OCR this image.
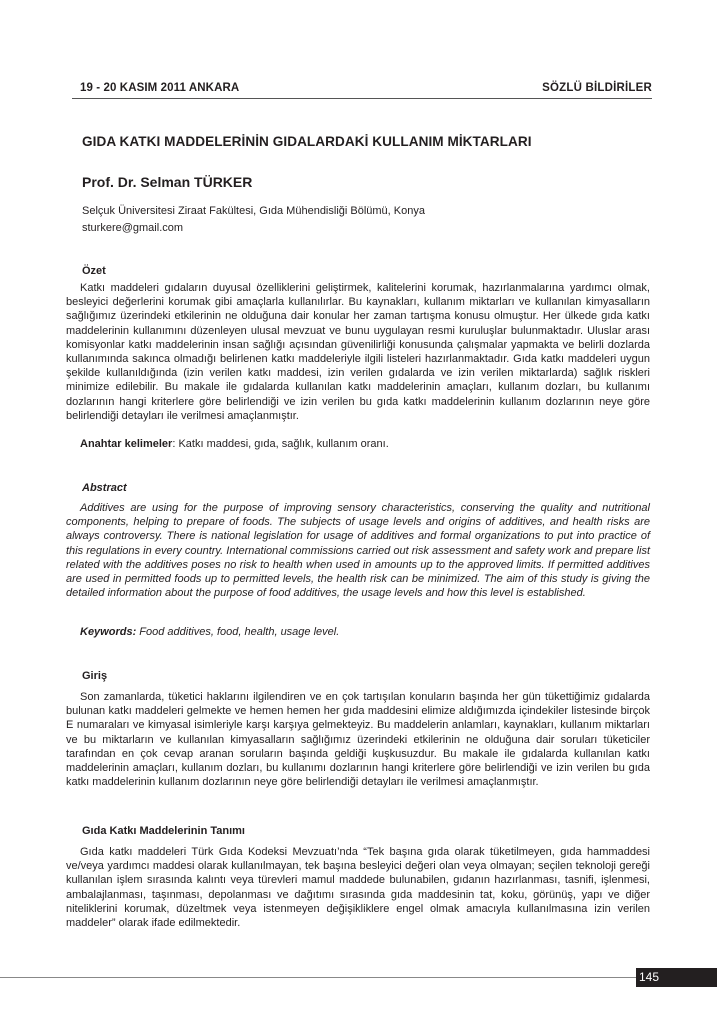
19 - 20 KASIM 2011 ANKARA	SÖZLÜ BİLDİRİLER
GIDA KATKI MADDELERİNİN GIDALARDAKİ KULLANIM MİKTARLARI
Prof. Dr. Selman TÜRKER
Selçuk Üniversitesi Ziraat Fakültesi, Gıda Mühendisliği Bölümü, Konya
sturkere@gmail.com
Özet
Katkı maddeleri gıdaların duyusal özelliklerini geliştirmek, kalitelerini korumak, hazırlanmalarına yardımcı olmak, besleyici değerlerini korumak gibi amaçlarla kullanılırlar. Bu kaynakları, kullanım miktarları ve kullanılan kimyasalların sağlığımız üzerindeki etkilerinin ne olduğuna dair konular her zaman tartışma konusu olmuştur. Her ülkede gıda katkı maddelerinin kullanımını düzenleyen ulusal mevzuat ve bunu uygulayan resmi kuruluşlar bulunmaktadır. Uluslar arası komisyonlar katkı maddelerinin insan sağlığı açısından güvenilirliği konusunda çalışmalar yapmakta ve belirli dozlarda kullanımında sakınca olmadığı belirlenen katkı maddeleriyle ilgili listeleri hazırlanmaktadır. Gıda katkı maddeleri uygun şekilde kullanıldığında (izin verilen katkı maddesi, izin verilen gıdalarda ve izin verilen miktarlarda) sağlık riskleri minimize edilebilir. Bu makale ile gıdalarda kullanılan katkı maddelerinin amaçları, kullanım dozları, bu kullanımı dozlarının hangi kriterlere göre belirlendiği ve izin verilen bu gıda katkı maddelerinin kullanım dozlarının neye göre belirlendiği detayları ile verilmesi amaçlanmıştır.
Anahtar kelimeler: Katkı maddesi, gıda, sağlık, kullanım oranı.
Abstract
Additives are using for the purpose of improving sensory characteristics, conserving the quality and nutritional components, helping to prepare of foods. The subjects of usage levels and origins of additives, and health risks are always controversy. There is national legislation for usage of additives and formal organizations to put into practice of this regulations in every country. International commissions carried out risk assessment and safety work and prepare list related with the additives poses no risk to health when used in amounts up to the approved limits. If permitted additives are used in permitted foods up to permitted levels, the health risk can be minimized. The aim of this study is giving the detailed information about the purpose of food additives, the usage levels and how this level is established.
Keywords: Food additives, food, health, usage level.
Giriş
Son zamanlarda, tüketici haklarını ilgilendiren ve en çok tartışılan konuların başında her gün tükettiğimiz gıdalarda bulunan katkı maddeleri gelmekte ve hemen hemen her gıda maddesini elimize aldığımızda içindekiler listesinde birçok E numaraları ve kimyasal isimleriyle karşı karşıya gelmekteyiz. Bu maddelerin anlamları, kaynakları, kullanım miktarları ve bu miktarların ve kullanılan kimyasalların sağlığımız üzerindeki etkilerinin ne olduğuna dair soruları tüketiciler tarafından en çok cevap aranan soruların başında geldiği kuşkusuzdur. Bu makale ile gıdalarda kullanılan katkı maddelerinin amaçları, kullanım dozları, bu kullanımı dozlarının hangi kriterlere göre belirlendiği ve izin verilen bu gıda katkı maddelerinin kullanım dozlarının neye göre belirlendiği detayları ile verilmesi amaçlanmıştır.
Gıda Katkı Maddelerinin Tanımı
Gıda katkı maddeleri Türk Gıda Kodeksi Mevzuatı’nda “Tek başına gıda olarak tüketilmeyen, gıda hammaddesi ve/veya yardımcı maddesi olarak kullanılmayan, tek başına besleyici değeri olan veya olmayan; seçilen teknoloji gereği kullanılan işlem sırasında kalıntı veya türevleri mamul maddede bulunabilen, gıdanın hazırlanması, tasnifi, işlenmesi, ambalajlanması, taşınması, depolanması ve dağıtımı sırasında gıda maddesinin tat, koku, görünüş, yapı ve diğer niteliklerini korumak, düzeltmek veya istenmeyen değişikliklere engel olmak amacıyla kullanılmasına izin verilen maddeler” olarak ifade edilmektedir.
145
